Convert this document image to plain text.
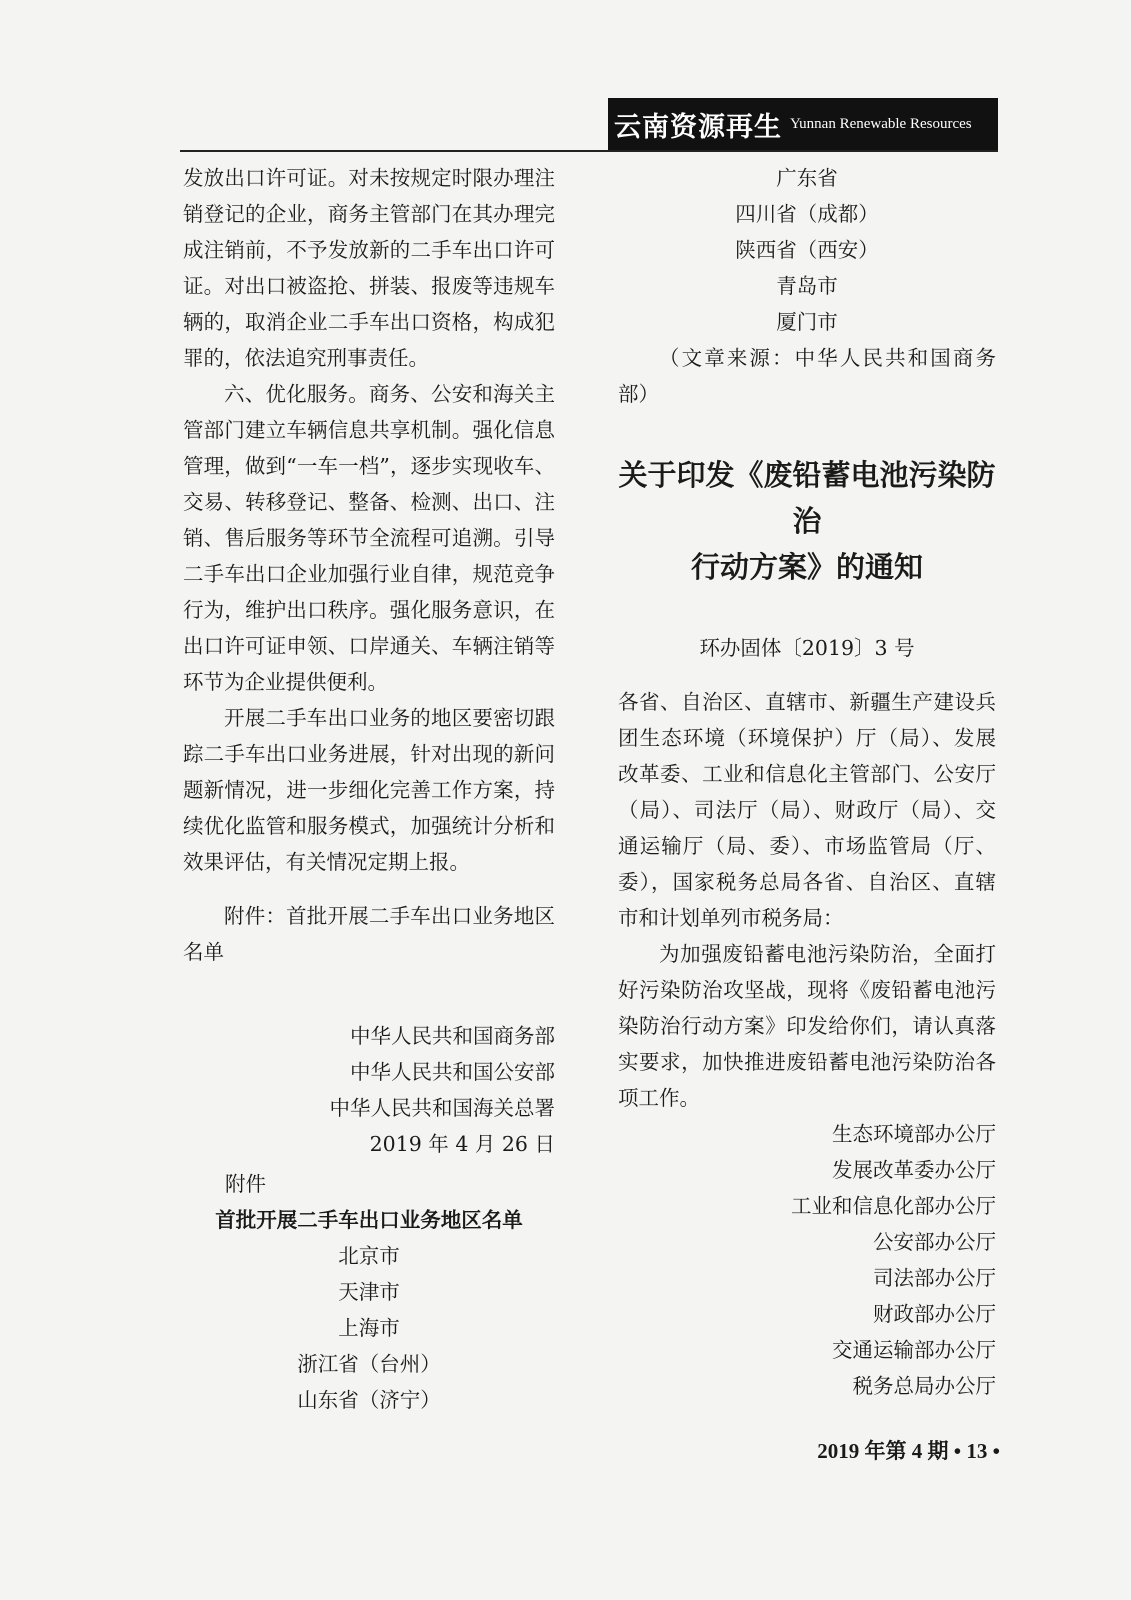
云南资源再生 Yunnan Renewable Resources

发放出口许可证。对未按规定时限办理注销登记的企业，商务主管部门在其办理完成注销前，不予发放新的二手车出口许可证。对出口被盗抢、拼装、报废等违规车辆的，取消企业二手车出口资格，构成犯罪的，依法追究刑事责任。

六、优化服务。商务、公安和海关主管部门建立车辆信息共享机制。强化信息管理，做到“一车一档”，逐步实现收车、交易、转移登记、整备、检测、出口、注销、售后服务等环节全流程可追溯。引导二手车出口企业加强行业自律，规范竞争行为，维护出口秩序。强化服务意识，在出口许可证申领、口岸通关、车辆注销等环节为企业提供便利。

开展二手车出口业务的地区要密切跟踪二手车出口业务进展，针对出现的新问题新情况，进一步细化完善工作方案，持续优化监管和服务模式，加强统计分析和效果评估，有关情况定期上报。

附件：首批开展二手车出口业务地区名单

中华人民共和国商务部
中华人民共和国公安部
中华人民共和国海关总署
2019 年 4 月 26 日
附件
首批开展二手车出口业务地区名单
北京市
天津市
上海市
浙江省（台州）
山东省（济宁）
广东省
四川省（成都）
陕西省（西安）
青岛市
厦门市

（文章来源：中华人民共和国商务部）

关于印发《废铅蓄电池污染防治

行动方案》的通知

环办固体〔2019〕3 号

各省、自治区、直辖市、新疆生产建设兵团生态环境（环境保护）厅（局）、发展改革委、工业和信息化主管部门、公安厅（局）、司法厅（局）、财政厅（局）、交通运输厅（局、委）、市场监管局（厅、委），国家税务总局各省、自治区、直辖市和计划单列市税务局：

为加强废铅蓄电池污染防治，全面打好污染防治攻坚战，现将《废铅蓄电池污染防治行动方案》印发给你们，请认真落实要求，加快推进废铅蓄电池污染防治各项工作。

生态环境部办公厅
发展改革委办公厅
工业和信息化部办公厅
公安部办公厅
司法部办公厅
财政部办公厅
交通运输部办公厅
税务总局办公厅
2019 年第 4 期 • 13 •
